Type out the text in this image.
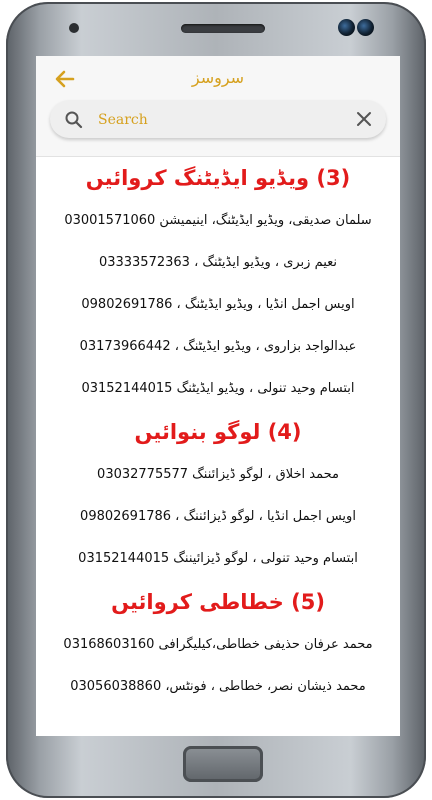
سروسز
Search
(3) ویڈیو ایڈیٹنگ کروائیں
سلمان صدیقی، ویڈیو ایڈیٹنگ، اینیمیشن 03001571060
نعیم زبری ، ویڈیو ایڈیٹنگ ، 03333572363
اویس اجمل انڈیا ، ویڈیو ایڈیٹنگ ، 09802691786
عبدالواجد بزاروی ، ویڈیو ایڈیٹنگ ، 03173966442
ابتسام وحید تنولی ، ویڈیو ایڈیٹنگ 03152144015
(4) لوگو بنوائیں
محمد اخلاق ، لوگو ڈیزائننگ 03032775577
اویس اجمل انڈیا ، لوگو ڈیزائننگ ، 09802691786
ابتسام وحید تنولی ، لوگو ڈیزائیننگ 03152144015
(5) خطاطی کروائیں
محمد عرفان حذیفی خطاطی،کیلیگرافی 03168603160
محمد ذیشان نصر، خطاطی ، فونٹس، 03056038860
